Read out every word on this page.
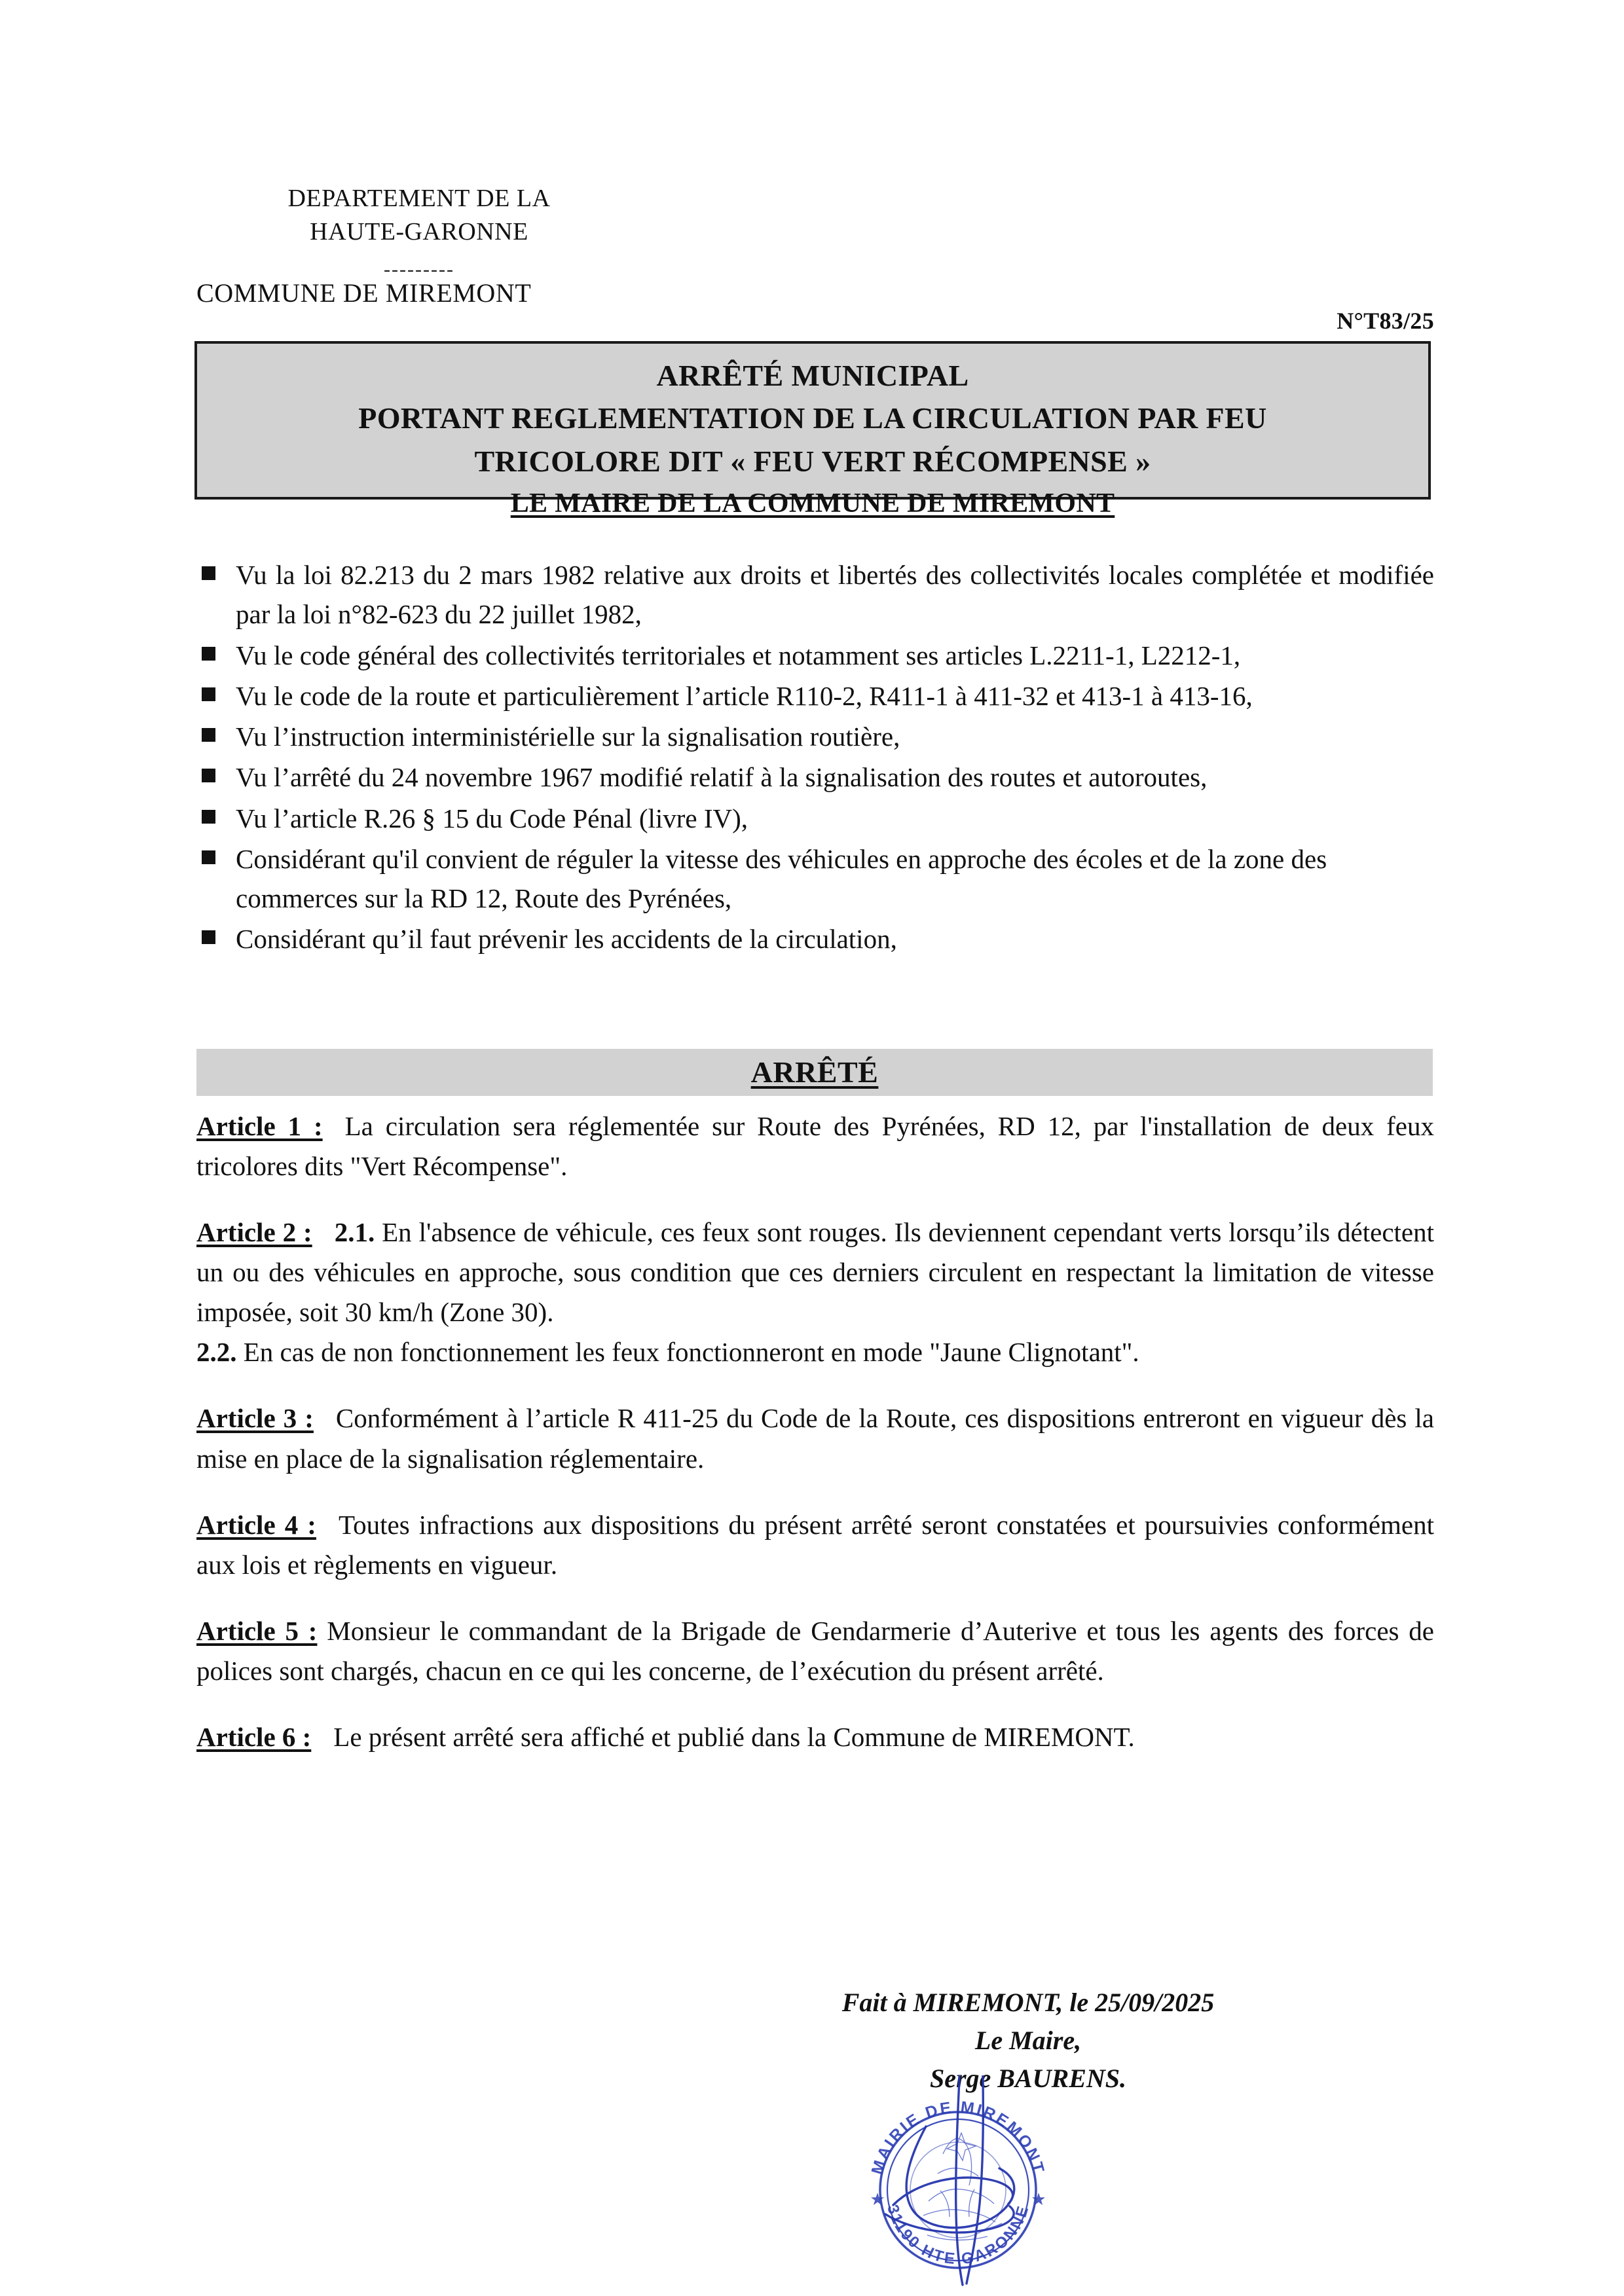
DEPARTEMENT DE LA
HAUTE-GARONNE
---------
COMMUNE DE MIREMONT
N°T83/25
ARRÊTÉ MUNICIPAL
PORTANT REGLEMENTATION DE LA CIRCULATION PAR FEU
TRICOLORE DIT « FEU VERT RÉCOMPENSE »
LE MAIRE DE LA COMMUNE DE MIREMONT
Vu la loi 82.213 du 2 mars 1982 relative aux droits et libertés des collectivités locales complétée et modifiée par la loi n°82-623 du 22 juillet 1982,
Vu le code général des collectivités territoriales et notamment ses articles L.2211-1, L2212-1,
Vu le code de la route et particulièrement l’article R110-2, R411-1 à 411-32 et 413-1 à 413-16,
Vu l’instruction interministérielle sur la signalisation routière,
Vu l’arrêté du 24 novembre 1967 modifié relatif à la signalisation des routes et autoroutes,
Vu l’article R.26 § 15 du Code Pénal (livre IV),
Considérant qu'il convient de réguler la vitesse des véhicules en approche des écoles et de la zone des commerces sur la RD 12, Route des Pyrénées,
Considérant qu’il faut prévenir les accidents de la circulation,
ARRÊTÉ

Article 1 : La circulation sera réglementée sur Route des Pyrénées, RD 12, par l'installation de deux feux tricolores dits "Vert Récompense".

Article 2 : 2.1. En l'absence de véhicule, ces feux sont rouges. Ils deviennent cependant verts lorsqu’ils détectent un ou des véhicules en approche, sous condition que ces derniers circulent en respectant la limitation de vitesse imposée, soit 30 km/h (Zone 30).

2.2. En cas de non fonctionnement les feux fonctionneront en mode "Jaune Clignotant".

Article 3 : Conformément à l’article R 411-25 du Code de la Route, ces dispositions entreront en vigueur dès la mise en place de la signalisation réglementaire.

Article 4 : Toutes infractions aux dispositions du présent arrêté seront constatées et poursuivies conformément aux lois et règlements en vigueur.

Article 5 : Monsieur le commandant de la Brigade de Gendarmerie d’Auterive et tous les agents des forces de polices sont chargés, chacun en ce qui les concerne, de l’exécution du présent arrêté.

Article 6 : Le présent arrêté sera affiché et publié dans la Commune de MIREMONT.

Fait à MIREMONT, le 25/09/2025
Le Maire,
Serge BAURENS.
MAIRIE DE MIREMONT
31190 HTE GARONNE
★	★
